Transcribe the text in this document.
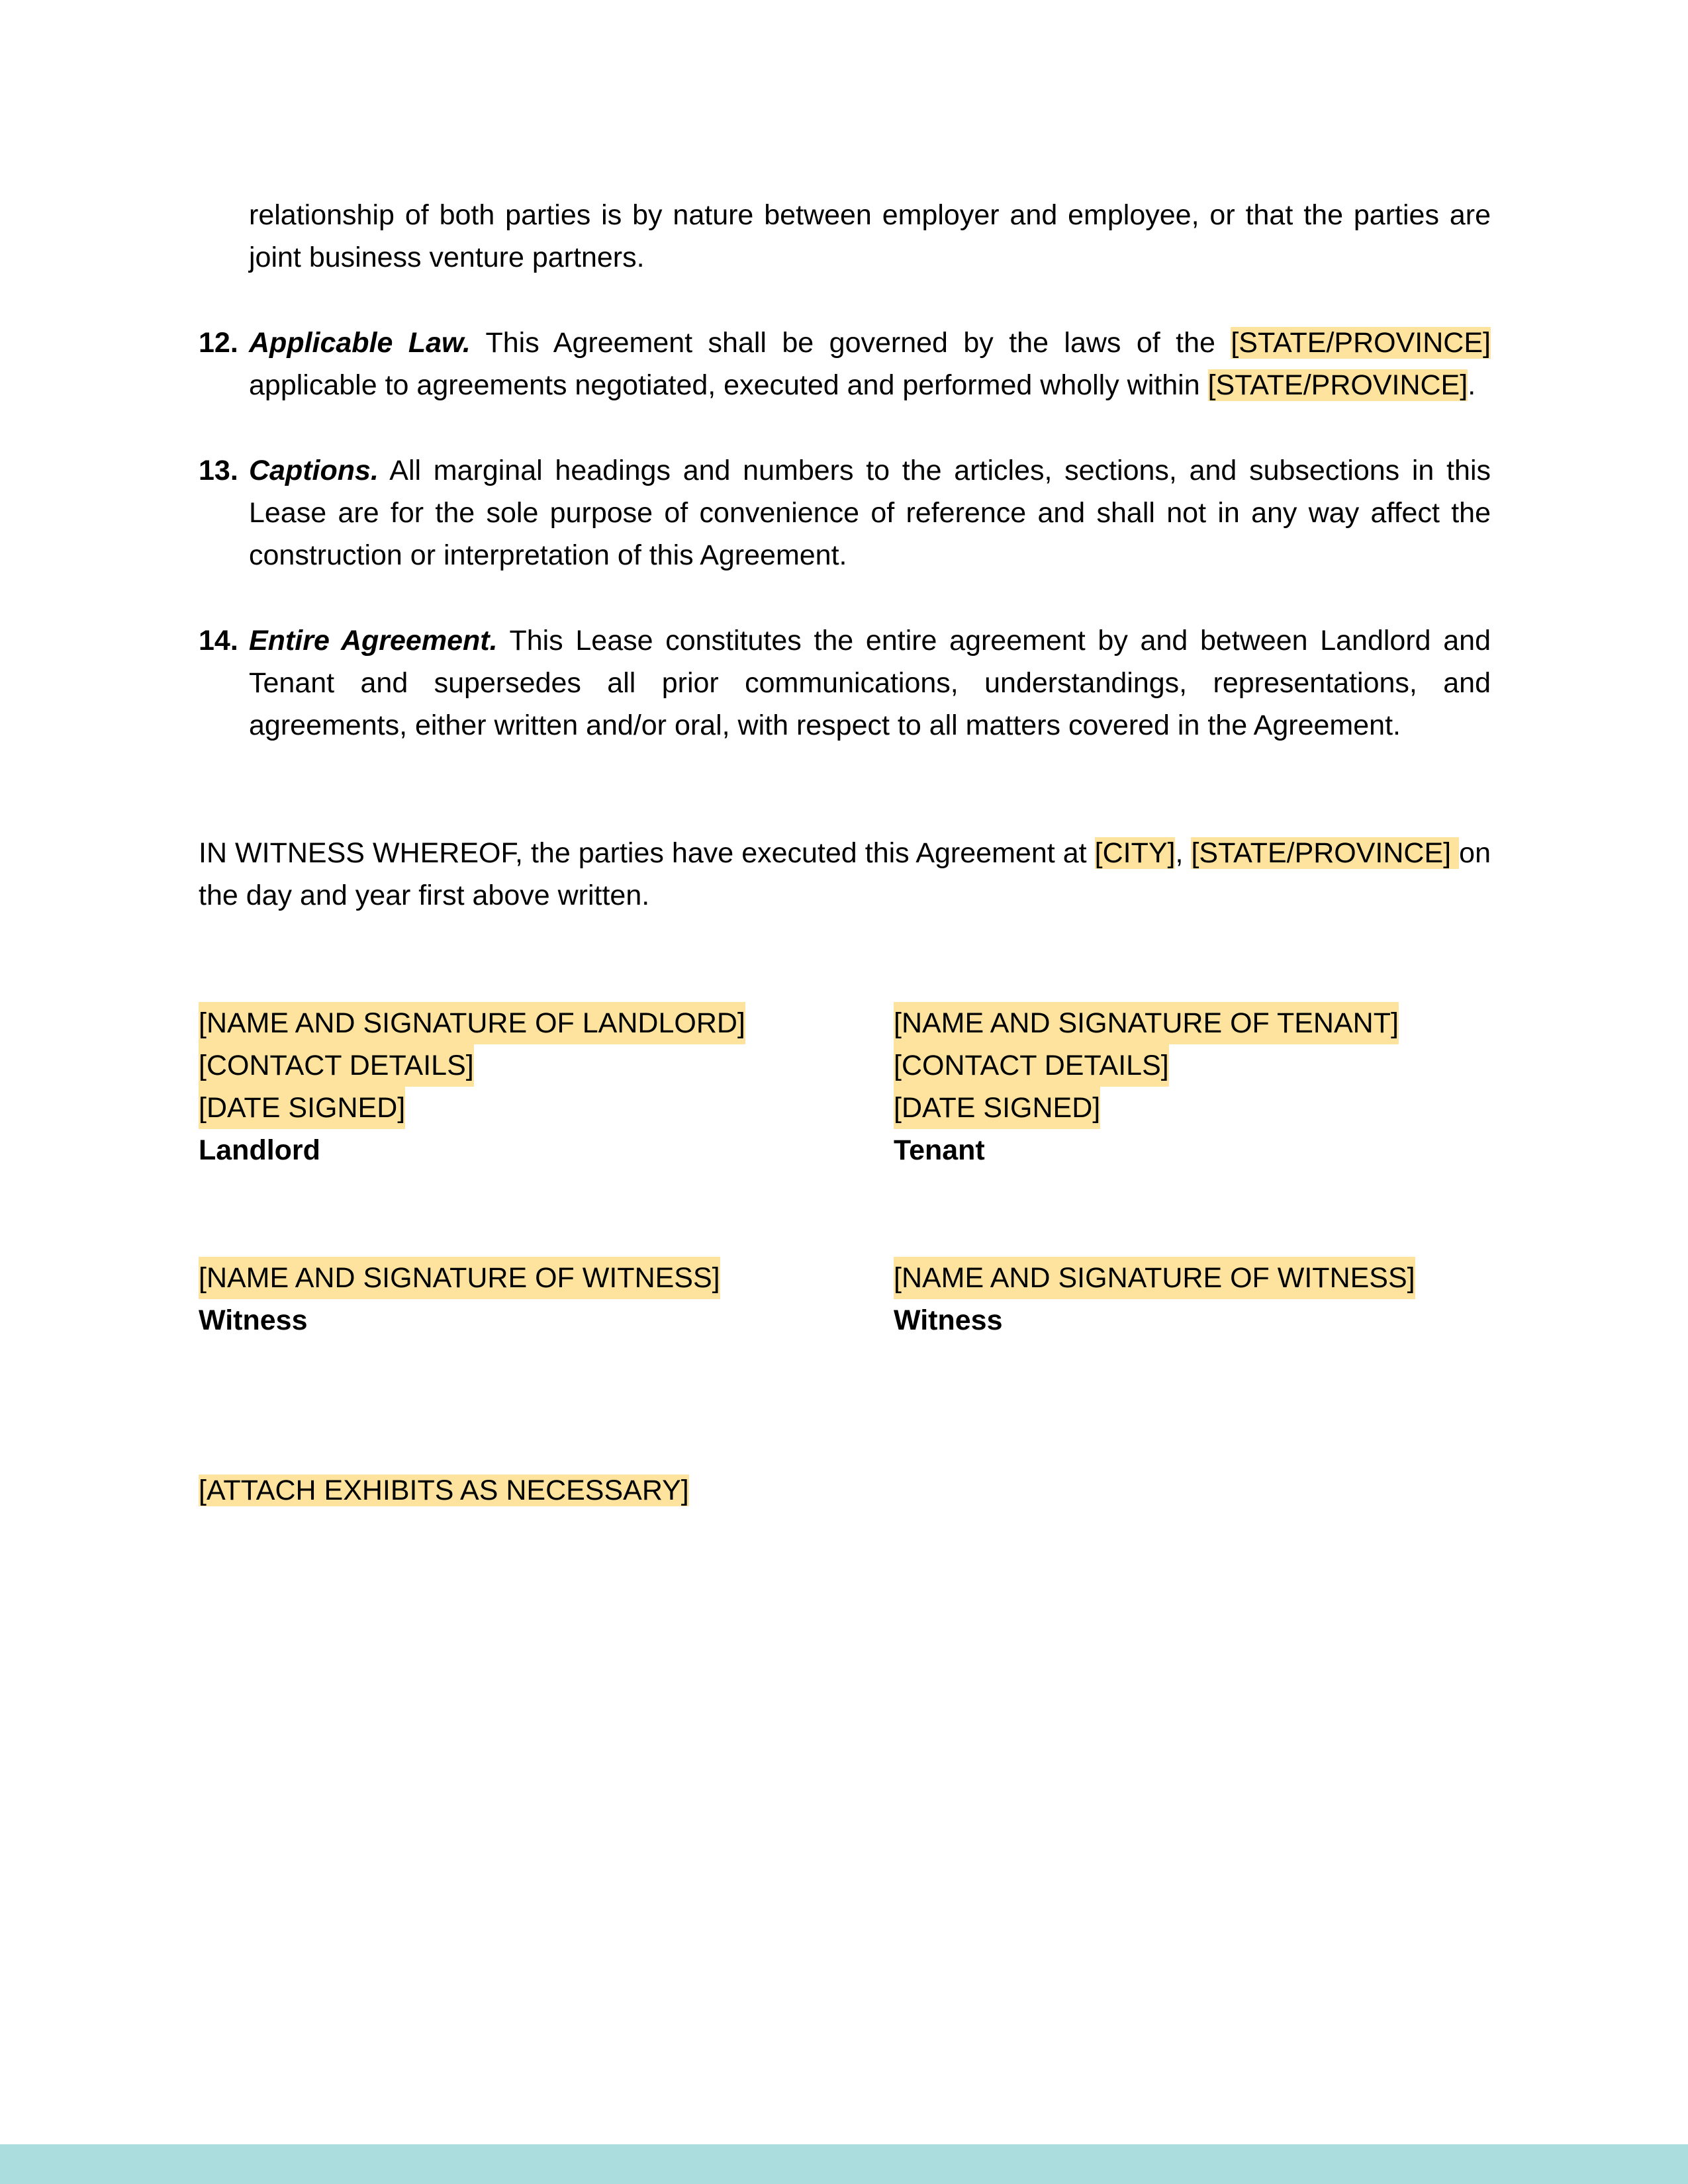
relationship of both parties is by nature between employer and employee, or that the parties are joint business venture partners.
12. Applicable Law. This Agreement shall be governed by the laws of the [STATE/PROVINCE] applicable to agreements negotiated, executed and performed wholly within [STATE/PROVINCE].
13. Captions. All marginal headings and numbers to the articles, sections, and subsections in this Lease are for the sole purpose of convenience of reference and shall not in any way affect the construction or interpretation of this Agreement.
14. Entire Agreement. This Lease constitutes the entire agreement by and between Landlord and Tenant and supersedes all prior communications, understandings, representations, and agreements, either written and/or oral, with respect to all matters covered in the Agreement.
IN WITNESS WHEREOF, the parties have executed this Agreement at [CITY], [STATE/PROVINCE] on the day and year first above written.
[NAME AND SIGNATURE OF LANDLORD]
[CONTACT DETAILS]
[DATE SIGNED]
Landlord
[NAME AND SIGNATURE OF TENANT]
[CONTACT DETAILS]
[DATE SIGNED]
Tenant
[NAME AND SIGNATURE OF WITNESS]
Witness
[NAME AND SIGNATURE OF WITNESS]
Witness
[ATTACH EXHIBITS AS NECESSARY]
